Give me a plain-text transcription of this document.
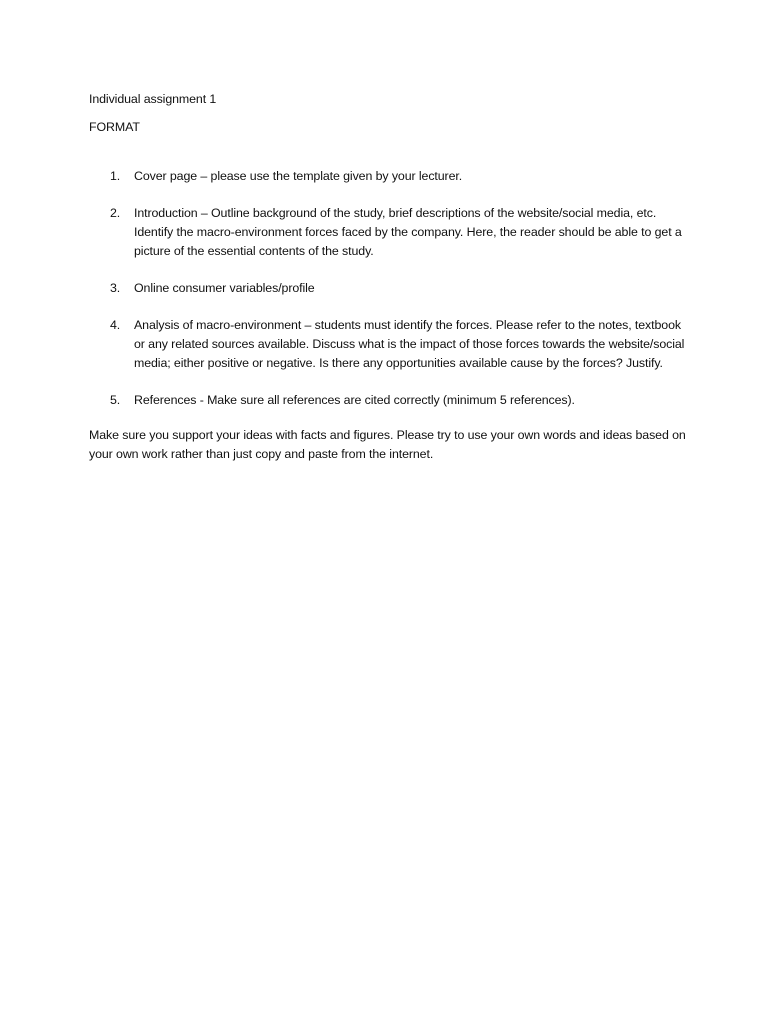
Individual assignment 1

FORMAT

1. Cover page – please use the template given by your lecturer.
2. Introduction – Outline background of the study, brief descriptions of the website/social media, etc. Identify the macro-environment forces faced by the company. Here, the reader should be able to get a picture of the essential contents of the study.
3. Online consumer variables/profile
4. Analysis of macro-environment – students must identify the forces. Please refer to the notes, textbook or any related sources available. Discuss what is the impact of those forces towards the website/social media; either positive or negative. Is there any opportunities available cause by the forces? Justify.
5. References - Make sure all references are cited correctly (minimum 5 references).

Make sure you support your ideas with facts and figures. Please try to use your own words and ideas based on your own work rather than just copy and paste from the internet.
